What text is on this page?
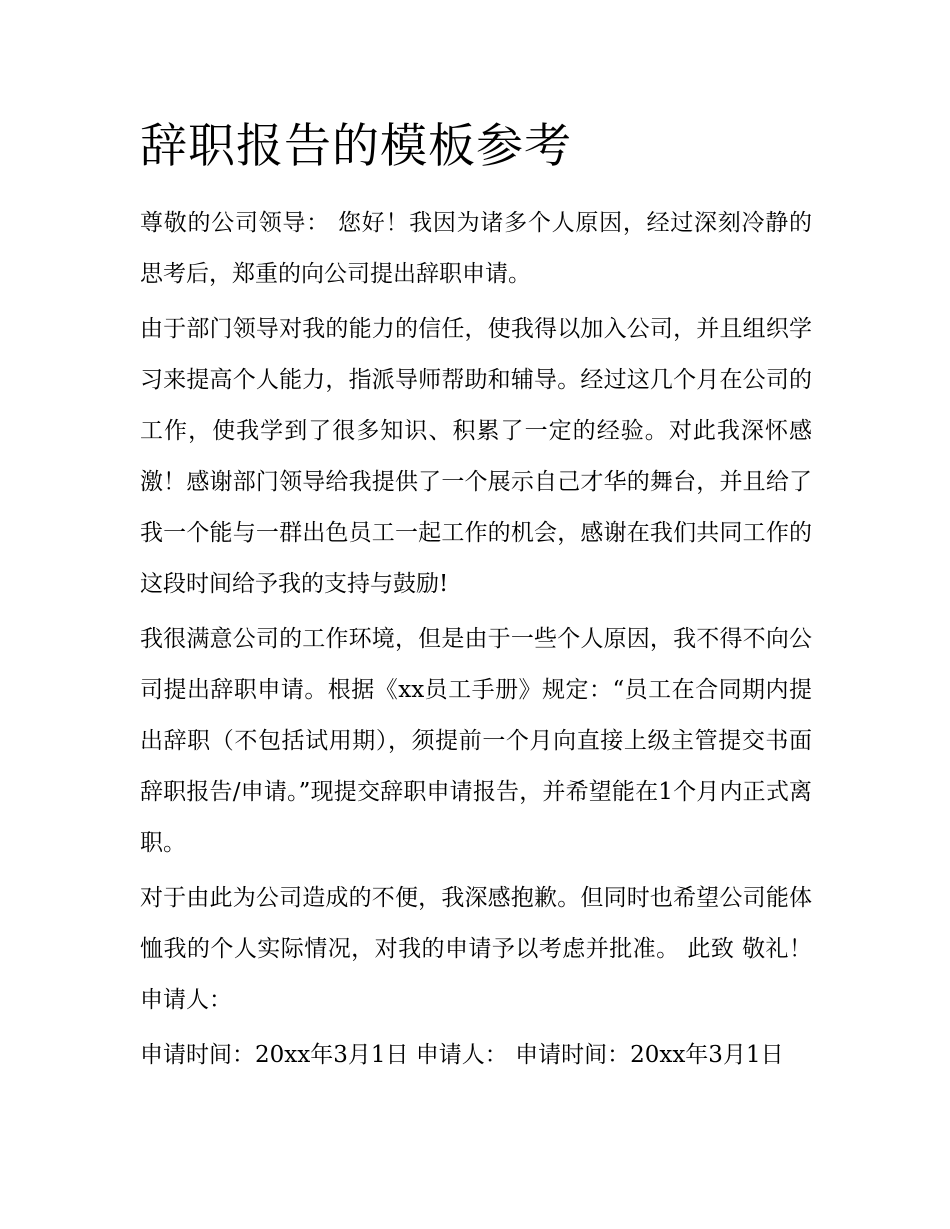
辞职报告的模板参考

尊敬的公司领导： 您好！我因为诸多个人原因，经过深刻冷静的思考后，郑重的向公司提出辞职申请。

由于部门领导对我的能力的信任，使我得以加入公司，并且组织学习来提高个人能力，指派导师帮助和辅导。经过这几个月在公司的工作，使我学到了很多知识、积累了一定的经验。对此我深怀感激！感谢部门领导给我提供了一个展示自己才华的舞台，并且给了我一个能与一群出色员工一起工作的机会，感谢在我们共同工作的这段时间给予我的支持与鼓励!

我很满意公司的工作环境，但是由于一些个人原因，我不得不向公司提出辞职申请。根据《xx员工手册》规定：“员工在合同期内提出辞职（不包括试用期），须提前一个月向直接上级主管提交书面辞职报告/申请。”现提交辞职申请报告，并希望能在1个月内正式离职。

对于由此为公司造成的不便，我深感抱歉。但同时也希望公司能体恤我的个人实际情况，对我的申请予以考虑并批准。 此致 敬礼！ 申请人：

申请时间：20xx年3月1日 申请人： 申请时间：20xx年3月1日
